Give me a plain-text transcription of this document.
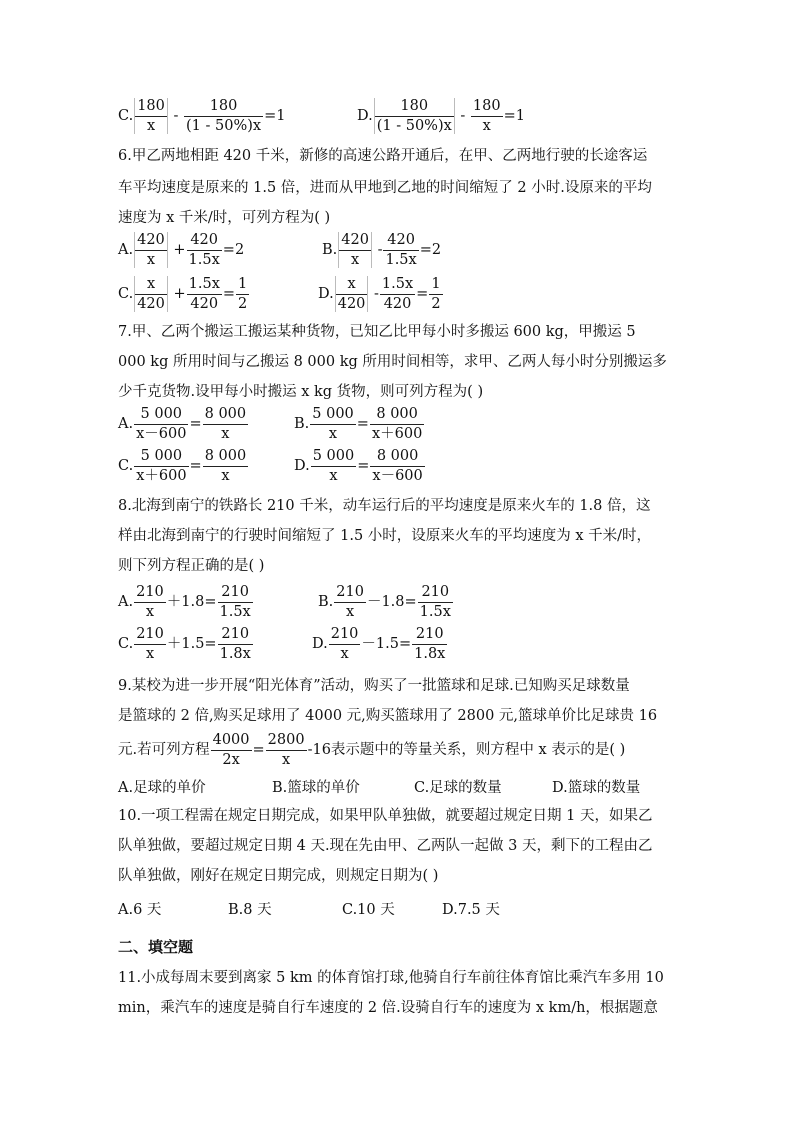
C. $\frac{180}{x} - \frac{180}{(1 - 50\%)x} =1$	D. $\frac{180}{(1 - 50\%)x} - \frac{180}{x} =1$
6.甲乙两地相距 420 千米，新修的高速公路开通后，在甲、乙两地行驶的长途客运
车平均速度是原来的 1.5 倍，进而从甲地到乙地的时间缩短了 2 小时.设原来的平均
速度为 x 千米/时，可列方程为( )
A. $\frac{420}{x} + \frac{420}{1.5x} =2$	B. $\frac{420}{x} - \frac{420}{1.5x} =2$
C. $\frac{x}{420} + \frac{1.5x}{420} = \frac{1}{2}$	D. $\frac{x}{420} - \frac{1.5x}{420} = \frac{1}{2}$
7.甲、乙两个搬运工搬运某种货物，已知乙比甲每小时多搬运 600 kg，甲搬运 5
000 kg 所用时间与乙搬运 8 000 kg 所用时间相等，求甲、乙两人每小时分别搬运多
少千克货物.设甲每小时搬运 x kg 货物，则可列方程为( )
A. $\frac{5 000}{x-600} = \frac{8 000}{x}$	B. $\frac{5 000}{x} = \frac{8 000}{x+600}$
C. $\frac{5 000}{x+600} = \frac{8 000}{x}$	D. $\frac{5 000}{x} = \frac{8 000}{x-600}$
8.北海到南宁的铁路长 210 千米，动车运行后的平均速度是原来火车的 1.8 倍，这
样由北海到南宁的行驶时间缩短了 1.5 小时，设原来火车的平均速度为 x 千米/时，
则下列方程正确的是( )
A. $\frac{210}{x} +1.8= \frac{210}{1.5x}$	B. $\frac{210}{x} -1.8= \frac{210}{1.5x}$
C. $\frac{210}{x} +1.5= \frac{210}{1.8x}$	D. $\frac{210}{x} -1.5= \frac{210}{1.8x}$
9.某校为进一步开展“阳光体育”活动，购买了一批篮球和足球.已知购买足球数量
是篮球的 2 倍,购买足球用了 4000 元,购买篮球用了 2800 元,篮球单价比足球贵 16
元.若可列方程 $\frac{4000}{2x} = \frac{2800}{x} -16$表示题中的等量关系，则方程中 x 表示的是( )
A.足球的单价	B.篮球的单价	C.足球的数量	D.篮球的数量
10.一项工程需在规定日期完成，如果甲队单独做，就要超过规定日期 1 天，如果乙
队单独做，要超过规定日期 4 天.现在先由甲、乙两队一起做 3 天，剩下的工程由乙
队单独做，刚好在规定日期完成，则规定日期为( )
A.6 天	B.8 天	C.10 天	D.7.5 天
二、填空题
11.小成每周末要到离家 5 km 的体育馆打球,他骑自行车前往体育馆比乘汽车多用 10
min，乘汽车的速度是骑自行车速度的 2 倍.设骑自行车的速度为 x km/h，根据题意
